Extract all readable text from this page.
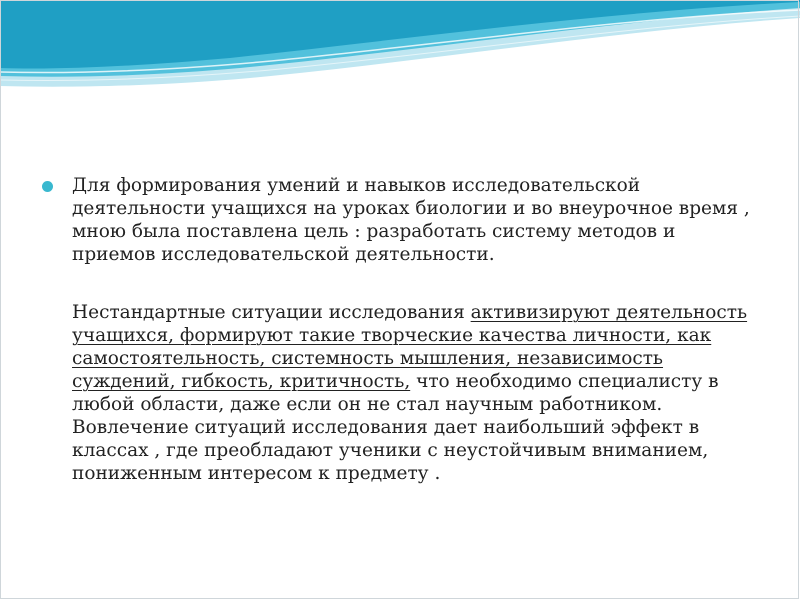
Для формирования умений и навыков исследовательской деятельности учащихся на уроках биологии и во внеурочное время , мною была поставлена цель : разработать систему методов и приемов исследовательской деятельности.

Нестандартные ситуации исследования активизируют деятельность учащихся, формируют такие творческие качества личности, как самостоятельность, системность мышления, независимость суждений, гибкость, критичность, что необходимо специалисту в любой области, даже если он не стал научным работником. Вовлечение ситуаций исследования дает наибольший эффект в классах , где преобладают ученики с неустойчивым вниманием, пониженным интересом к предмету .
